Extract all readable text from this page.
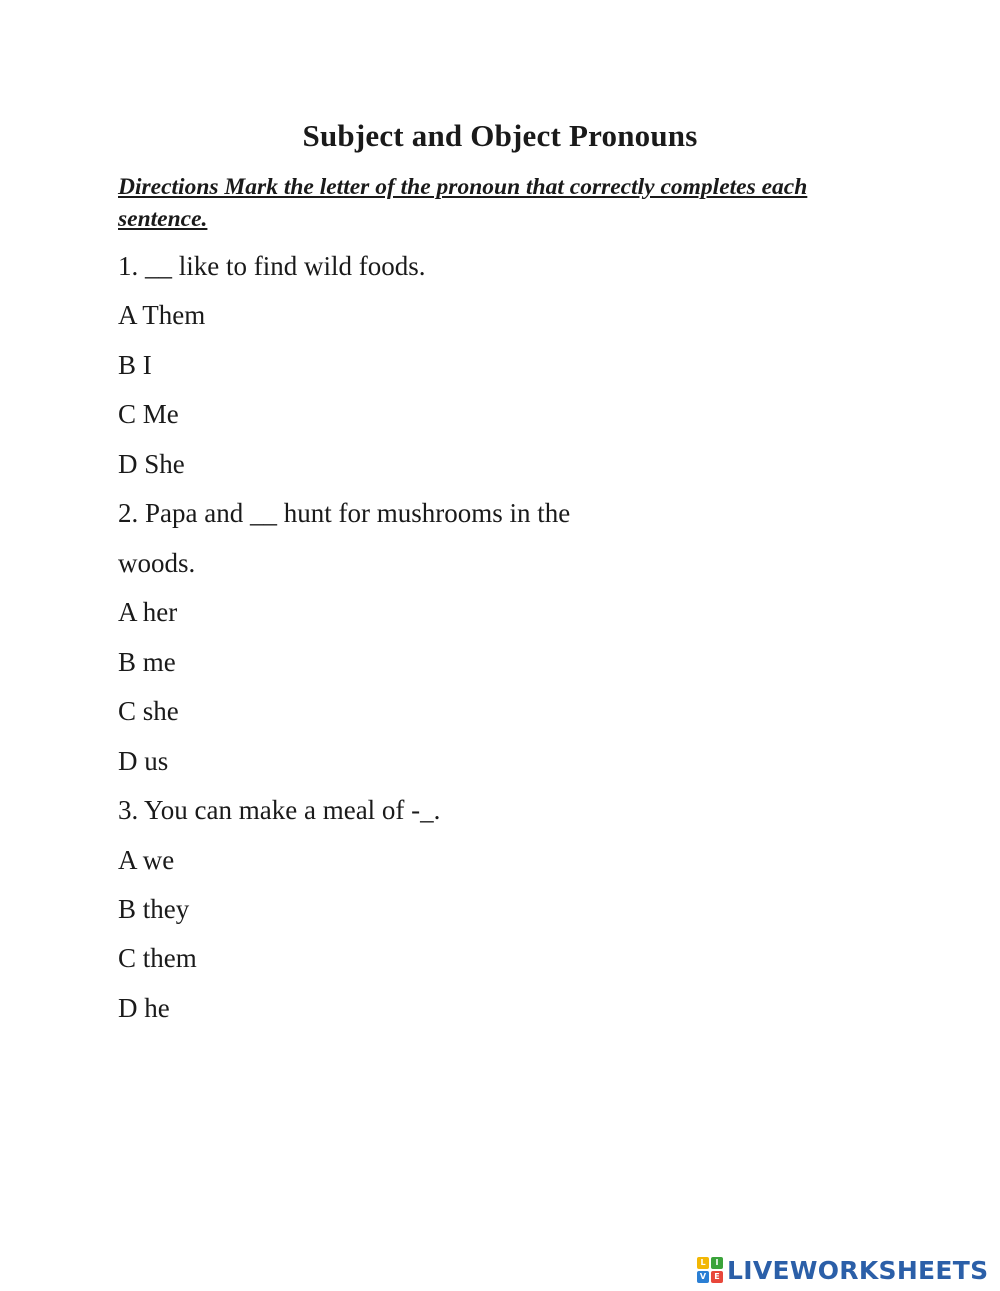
Subject and Object Pronouns
Directions Mark the letter of the pronoun that correctly completes each sentence.
1. __ like to find wild foods.
A Them
B I
C Me
D She
2. Papa and __ hunt for mushrooms in the
woods.
A her
B me
C she
D us
3. You can make a meal of -_.
A we
B they
C them
D he
L	I
V	E LIVEWORKSHEETS
